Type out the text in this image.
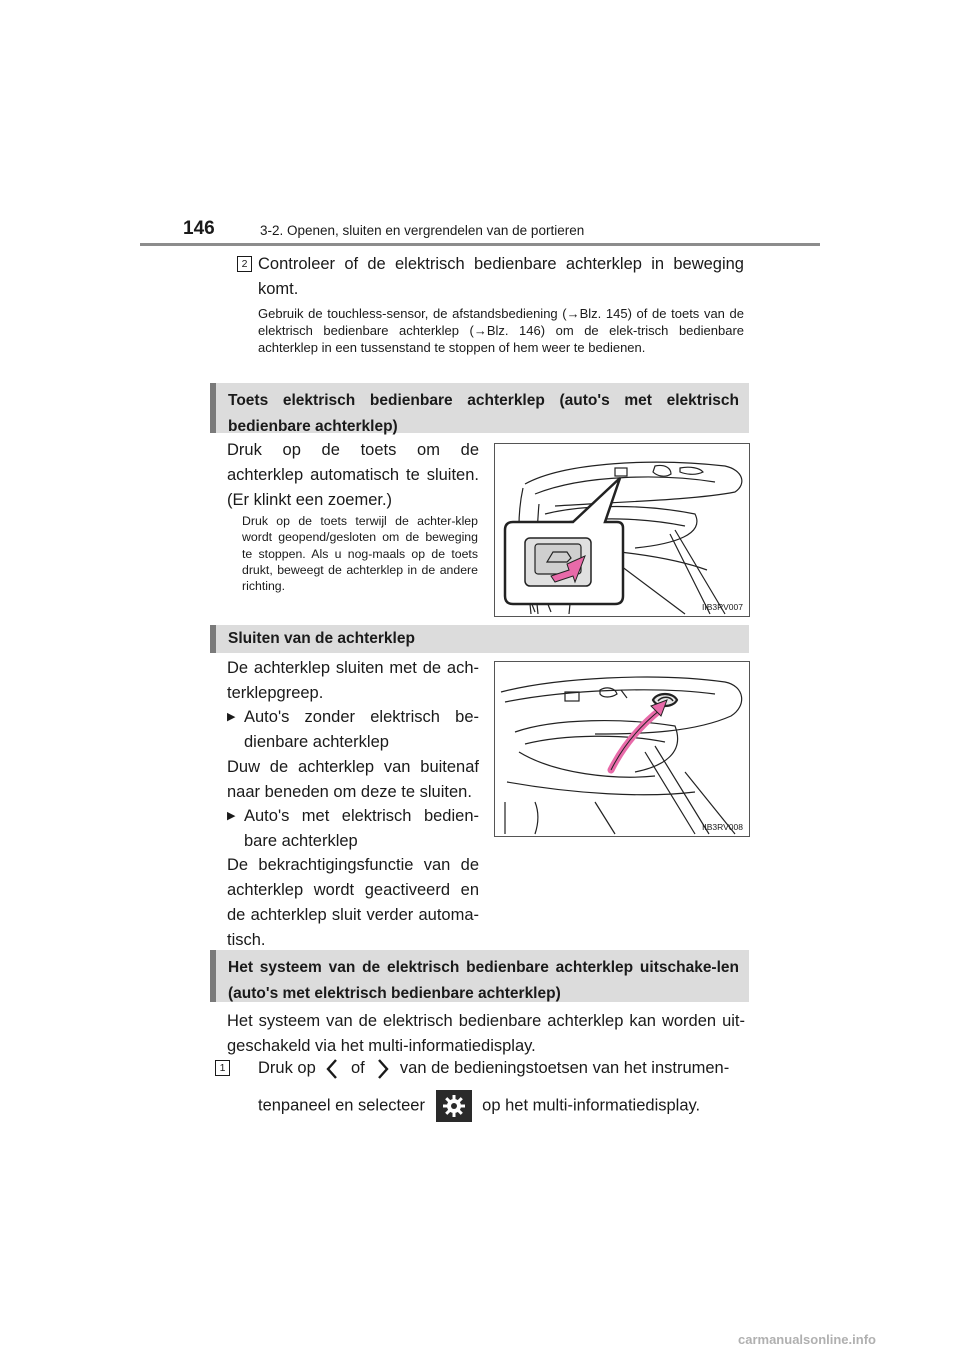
146	3-2. Openen, sluiten en vergrendelen van de portieren
2 Controleer of de elektrisch bedienbare achterklep in beweging komt.
Gebruik de touchless-sensor, de afstandsbediening (→Blz. 145) of de toets van de elektrisch bedienbare achterklep (→Blz. 146) om de elek-trisch bedienbare achterklep in een tussenstand te stoppen of hem weer te bedienen.
Toets elektrisch bedienbare achterklep (auto's met elektrisch bedienbare achterklep)
Druk op de toets om de achterklep automatisch te sluiten. (Er klinkt een zoemer.)
Druk op de toets terwijl de achter-klep wordt geopend/gesloten om de beweging te stoppen. Als u nog-maals op de toets drukt, beweegt de achterklep in de andere richting.
IIB3RV007
Sluiten van de achterklep
De achterklep sluiten met de ach-terklepgreep.
▶ Auto's zonder elektrisch be-dienbare achterklep
Duw de achterklep van buitenaf naar beneden om deze te sluiten.
▶ Auto's met elektrisch bedien-bare achterklep
De bekrachtigingsfunctie van de achterklep wordt geactiveerd en de achterklep sluit verder automa-tisch.
IIB3RV008
Het systeem van de elektrisch bedienbare achterklep uitschake-len (auto's met elektrisch bedienbare achterklep)
Het systeem van de elektrisch bedienbare achterklep kan worden uit-geschakeld via het multi-informatiedisplay.
1 Druk op of van de bedieningstoetsen van het instrumen-
tenpaneel en selecteer	op het multi-informatiedisplay.
carmanualsonline.info
